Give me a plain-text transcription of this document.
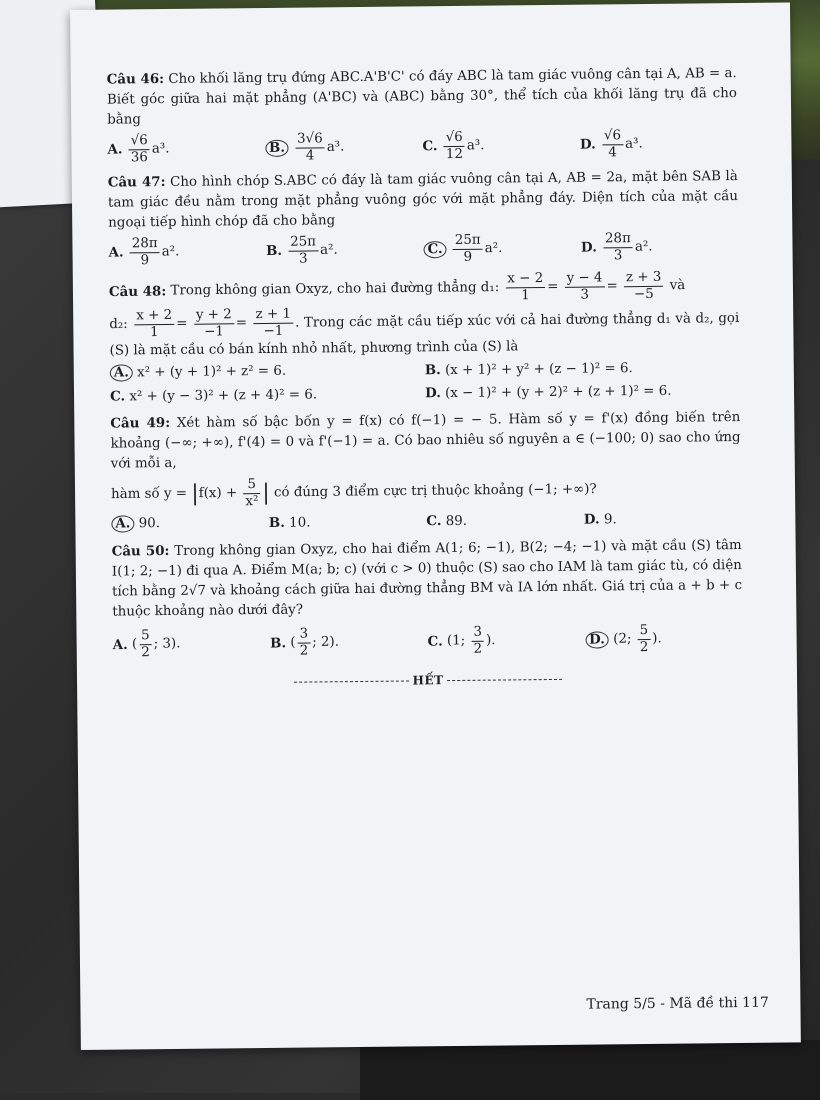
Câu 46: Cho khối lăng trụ đứng ABC.A'B'C' có đáy ABC là tam giác vuông cân tại A, AB = a. Biết góc giữa hai mặt phẳng (A'BC) và (ABC) bằng 30°, thể tích của khối lăng trụ đã cho bằng
A. $\frac{√6}{36} a^3$.	B. $\frac{3√6}{4} a^3$.	C. $\frac{√6}{12} a^3$.	D. $\frac{√6}{4} a^3$.
Câu 47: Cho hình chóp S.ABC có đáy là tam giác vuông cân tại A, AB = 2a, mặt bên SAB là tam giác đều nằm trong mặt phẳng vuông góc với mặt phẳng đáy. Diện tích của mặt cầu ngoại tiếp hình chóp đã cho bằng
A. $\frac{28\pi}{9} a^2$.	B. $\frac{25\pi}{3} a^2$.	C. $\frac{25\pi}{9} a^2$.	D. $\frac{28\pi}{3} a^2$.
Câu 48: Trong không gian Oxyz, cho hai đường thẳng d₁: $\frac{x - 2}{1} = \frac{y - 4}{3} = \frac{z + 3}{-5}$ và
d₂: $\frac{x + 2}{1} = \frac{y + 2}{-1} = \frac{z + 1}{-1}$ . Trong các mặt cầu tiếp xúc với cả hai đường thẳng d₁ và d₂, gọi (S) là mặt cầu có bán kính nhỏ nhất, phương trình của (S) là
A. x² + (y + 1)² + z² = 6.	B. (x + 1)² + y² + (z − 1)² = 6.
C. x² + (y − 3)² + (z + 4)² = 6.	D. (x − 1)² + (y + 2)² + (z + 1)² = 6.
Câu 49: Xét hàm số bậc bốn y = f(x) có f(−1) = − 5. Hàm số y = f'(x) đồng biến trên khoảng (−∞; +∞), f'(4) = 0 và f'(−1) = a. Có bao nhiêu số nguyên a ∈ (−100; 0) sao cho ứng với mỗi a,
hàm số $y = |f(x) + \frac{5}{\text{x²}}$ | có đúng 3 điểm cực trị thuộc khoảng (−1; +∞)?
A. 90.	B. 10.	C. 89.	D. 9.
Câu 50: Trong không gian Oxyz, cho hai điểm A(1; 6; −1), B(2; −4; −1) và mặt cầu (S) tâm I(1; 2; −1) đi qua A. Điểm M(a; b; c) (với c > 0) thuộc (S) sao cho IAM là tam giác tù, có diện tích bằng 2√7 và khoảng cách giữa hai đường thẳng BM và IA lớn nhất. Giá trị của a + b + c thuộc khoảng nào dưới đây?
A. ( $\frac{5}{2}$ ; 3).	B. ( $\frac{3}{2}$ ; 2).	C. (1; $\frac{3}{2}$ ).	D. (2; $\frac{5}{2}$ ).
HẾT
Trang 5/5 - Mã đề thi 117
